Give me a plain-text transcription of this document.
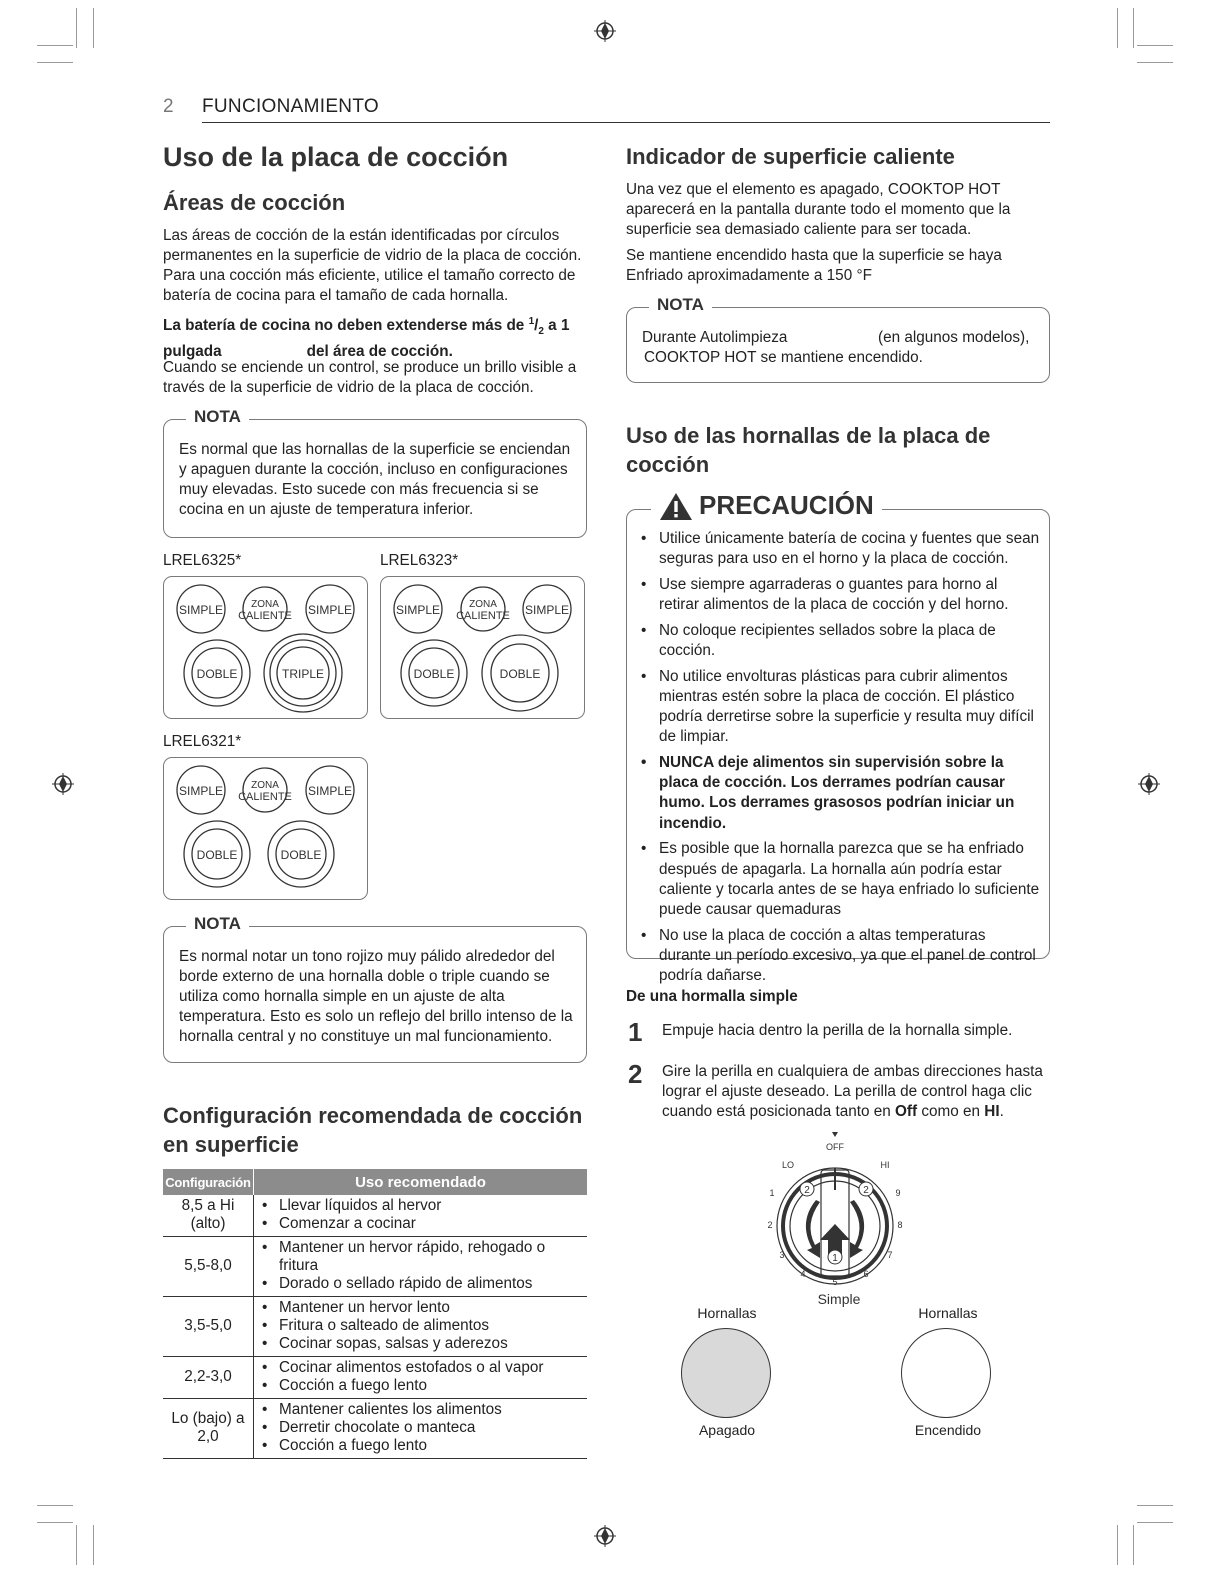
2 FUNCIONAMIENTO
Uso de la placa de cocción
Áreas de cocción

Las áreas de cocción de la están identificadas por círculos permanentes en la superficie de vidrio de la placa de cocción. Para una cocción más eficiente, utilice el tamaño correcto de batería de cocina para el tamaño de cada hornalla.

La batería de cocina no deben extenderse más de $^1/_2$ a 1
pulgada                    del área de cocción.

Cuando se enciende un control, se produce un brillo visible a través de la superficie de vidrio de la placa de cocción.

NOTA

Es normal que las hornallas de la superficie se enciendan y apaguen durante la cocción, incluso en configuraciones muy elevadas. Esto sucede con más frecuencia si se cocina en un ajuste de temperatura inferior.

LREL6325*	LREL6323*
LREL6321*
SIMPLE	ZONA
CALIENTE SIMPLE
DOBLE	TRIPLE
SIMPLE	ZONA
CALIENTE SIMPLE
DOBLE	DOBLE
SIMPLE	ZONA
CALIENTE SIMPLE
DOBLE	DOBLE
NOTA

Es normal notar un tono rojizo muy pálido alrededor del borde externo de una hornalla doble o triple cuando se utiliza como hornalla simple en un ajuste de alta temperatura. Esto es solo un reflejo del brillo intenso de la hornalla central y no constituye un mal funcionamiento.

Configuración recomendada de cocción en superficie
Configuración	Uso recomendado
8,5 a Hi
(alto)	• Llevar líquidos al hervor
• Comenzar a cocinar

5,5-8,0	• Mantener un hervor rápido, rehogado o fritura
• Dorado o sellado rápido de alimentos

3,5-5,0	• Mantener un hervor lento
• Fritura o salteado de alimentos
• Cocinar sopas, salsas y aderezos

2,2-3,0	• Cocinar alimentos estofados o al vapor
• Cocción a fuego lento

Lo (bajo) a
2,0	• Mantener calientes los alimentos
• Derretir chocolate o manteca
• Cocción a fuego lento
Indicador de superficie caliente

Una vez que el elemento es apagado, COOKTOP HOT aparecerá en la pantalla durante todo el momento que la superficie sea demasiado caliente para ser tocada.

Se mantiene encendido hasta que la superficie se haya Enfriado aproximadamente a 150 °F

NOTA

Durante Autolimpieza	(en algunos modelos),

COOKTOP HOT se mantiene encendido.

Uso de las hornallas de la placa de cocción
PRECAUCIÓN
• Utilice únicamente batería de cocina y fuentes que sean seguras para uso en el horno y la placa de cocción.
• Use siempre agarraderas o guantes para horno al retirar alimentos de la placa de cocción y del horno.
• No coloque recipientes sellados sobre la placa de cocción.
• No utilice envolturas plásticas para cubrir alimentos mientras estén sobre la placa de cocción. El plástico podría derretirse sobre la superficie y resulta muy difícil de limpiar.
• NUNCA deje alimentos sin supervisión sobre la placa de cocción. Los derrames podrían causar humo. Los derrames grasosos podrían iniciar un incendio.
• Es posible que la hornalla parezca que se ha enfriado después de apagarla. La hornalla aún podría estar caliente y tocarla antes de se haya enfriado lo suficiente puede causar quemaduras
• No use la placa de cocción a altas temperaturas durante un período excesivo, ya que el panel de control podría dañarse.

De una hormalla simple

1 Empuje hacia dentro la perilla de la hornalla simple.

2 Gire la perilla en cualquiera de ambas direcciones hasta lograr el ajuste deseado. La perilla de control haga clic cuando está posicionada tanto en Off como en HI.

OFF
LO	HI
2	2
1
1
2
3
4
5
6
7
8
9
Simple
Hornallas
Apagado
Hornallas
Encendido
